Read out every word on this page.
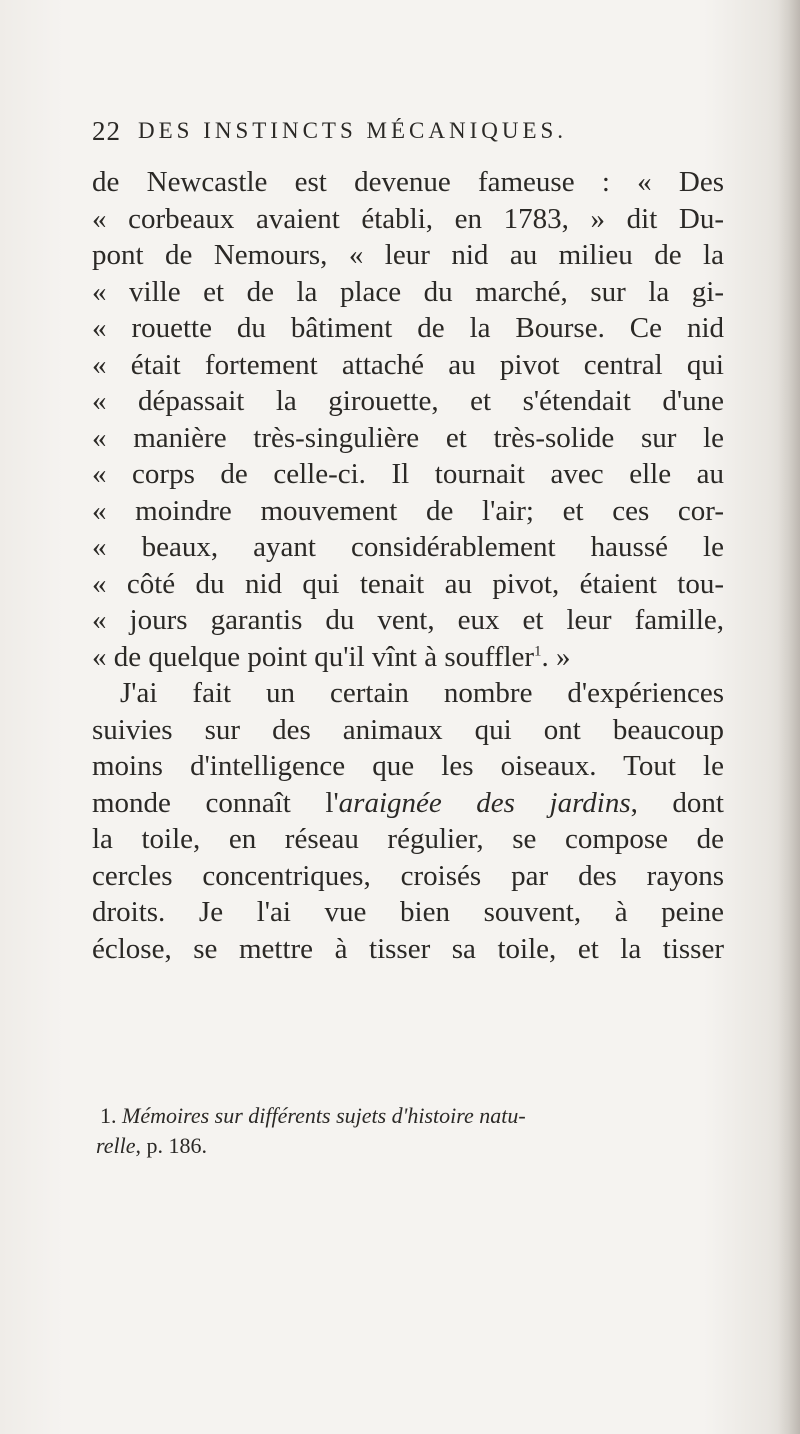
22 DES INSTINCTS MÉCANIQUES.
de Newcastle est devenue fameuse : « Des
« corbeaux avaient établi, en 1783, » dit Du-
pont de Nemours, « leur nid au milieu de la
« ville et de la place du marché, sur la gi-
« rouette du bâtiment de la Bourse. Ce nid
« était fortement attaché au pivot central qui
« dépassait la girouette, et s'étendait d'une
« manière très-singulière et très-solide sur le
« corps de celle-ci. Il tournait avec elle au
« moindre mouvement de l'air; et ces cor-
« beaux, ayant considérablement haussé le
« côté du nid qui tenait au pivot, étaient tou-
« jours garantis du vent, eux et leur famille,
« de quelque point qu'il vînt à souffler$^1$. »
J'ai fait un certain nombre d'expériences
suivies sur des animaux qui ont beaucoup
moins d'intelligence que les oiseaux. Tout le
monde connaît l'araignée des jardins, dont
la toile, en réseau régulier, se compose de
cercles concentriques, croisés par des rayons
droits. Je l'ai vue bien souvent, à peine
éclose, se mettre à tisser sa toile, et la tisser
1. Mémoires sur différents sujets d'histoire natu-
relle, p. 186.
